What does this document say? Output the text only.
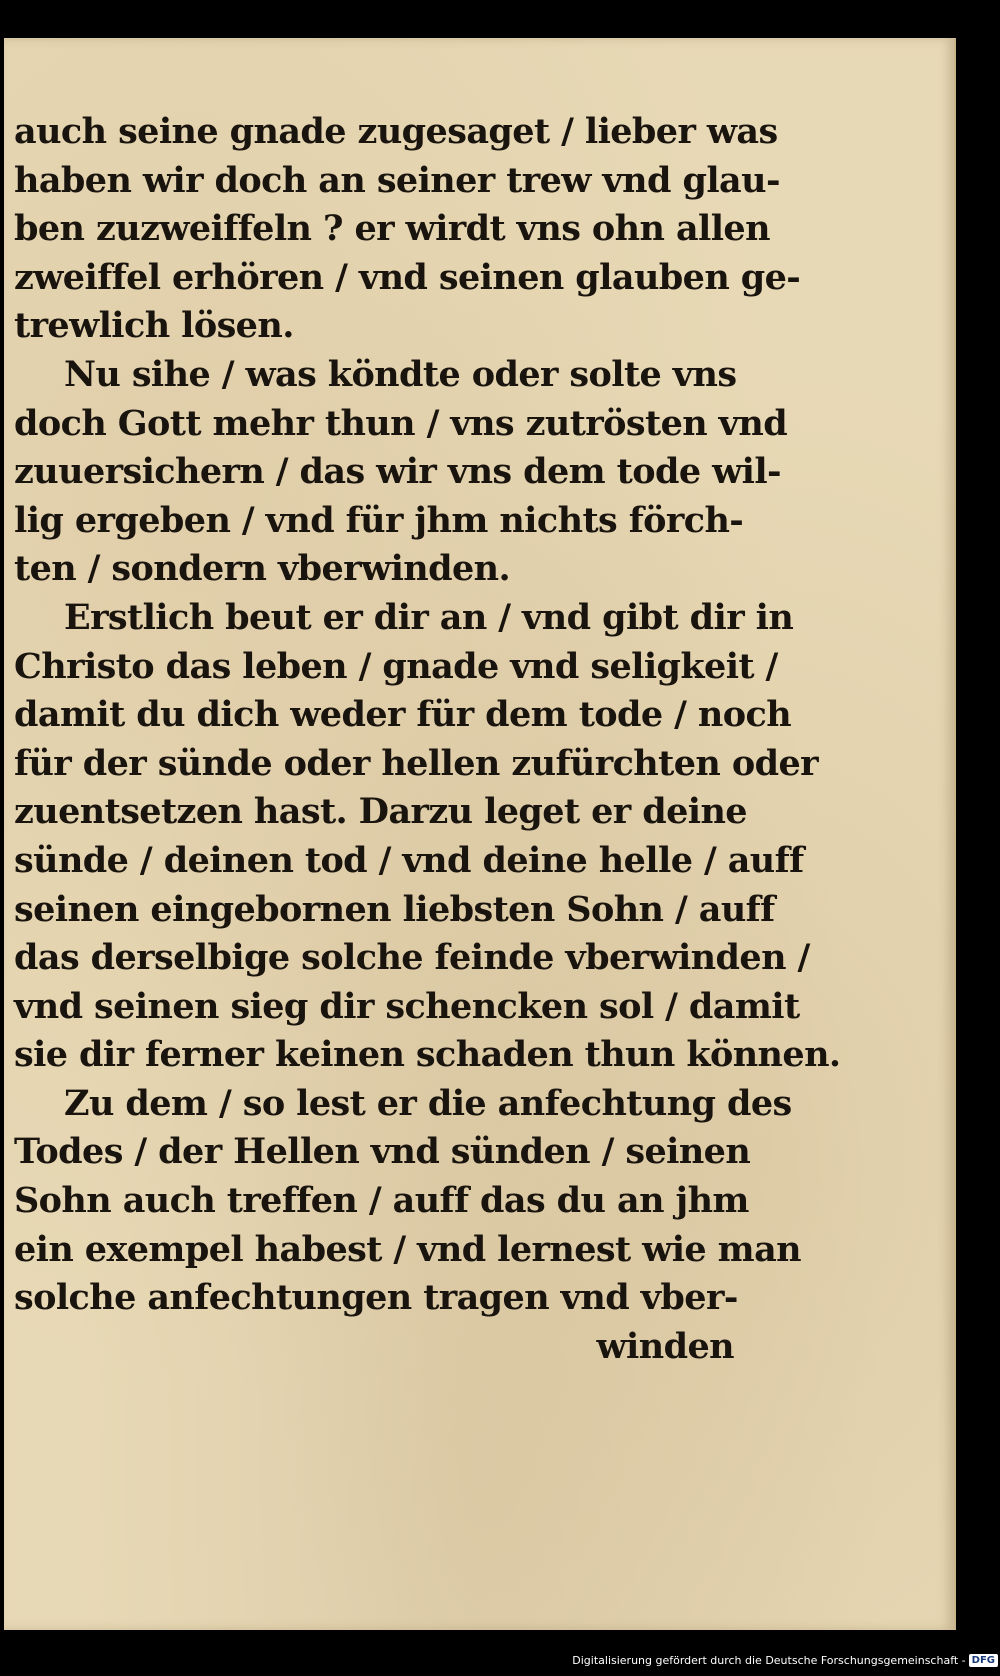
auch seine gnade zugesaget / lieber was
haben wir doch an seiner trew vnd glau-
ben zuzweiffeln ? er wirdt vns ohn allen
zweiffel erhören / vnd seinen glauben ge-
trewlich lösen.
Nu sihe / was köndte oder solte vns
doch Gott mehr thun / vns zutrösten vnd
zuuersichern / das wir vns dem tode wil-
lig ergeben / vnd für jhm nichts förch-
ten / sondern vberwinden.
Erstlich beut er dir an / vnd gibt dir in
Christo das leben / gnade vnd seligkeit /
damit du dich weder für dem tode / noch
für der sünde oder hellen zufürchten oder
zuentsetzen hast. Darzu leget er deine
sünde / deinen tod / vnd deine helle / auff
seinen eingebornen liebsten Sohn / auff
das derselbige solche feinde vberwinden /
vnd seinen sieg dir schencken sol / damit
sie dir ferner keinen schaden thun können.
Zu dem / so lest er die anfechtung des
Todes / der Hellen vnd sünden / seinen
Sohn auch treffen / auff das du an jhm
ein exempel habest / vnd lernest wie man
solche anfechtungen tragen vnd vber-
winden
Digitalisierung gefördert durch die Deutsche Forschungsgemeinschaft - DFG
